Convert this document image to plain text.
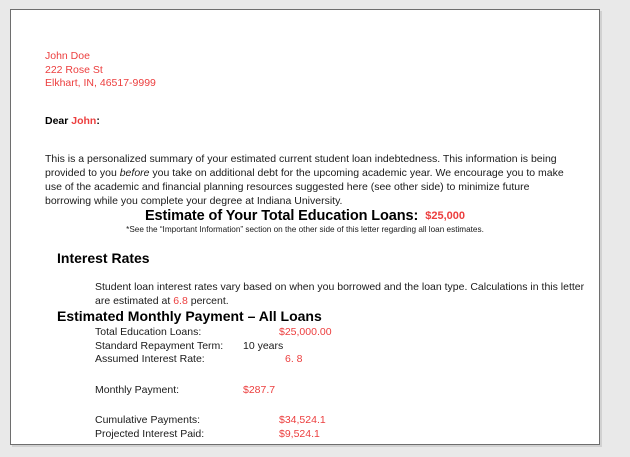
John Doe
222 Rose St
Elkhart, IN, 46517-9999
Dear John:

This is a personalized summary of your estimated current student loan indebtedness. This information is being provided to you before you take on additional debt for the upcoming academic year. We encourage you to make use of the academic and financial planning resources suggested here (see other side) to minimize future borrowing while you complete your degree at Indiana University.

Estimate of Your Total Education Loans: $25,000
*See the “Important Information” section on the other side of this letter regarding all loan estimates.
Interest Rates

Student loan interest rates vary based on when you borrowed and the loan type. Calculations in this letter are estimated at 6.8 percent.

Estimated Monthly Payment – All Loans
Total Education Loans:	$25,000.00
Standard Repayment Term: 10 years
Assumed Interest Rate:	6. 8
Monthly Payment:	$287.7
Cumulative Payments:	$34,524.1
Projected Interest Paid:	$9,524.1
